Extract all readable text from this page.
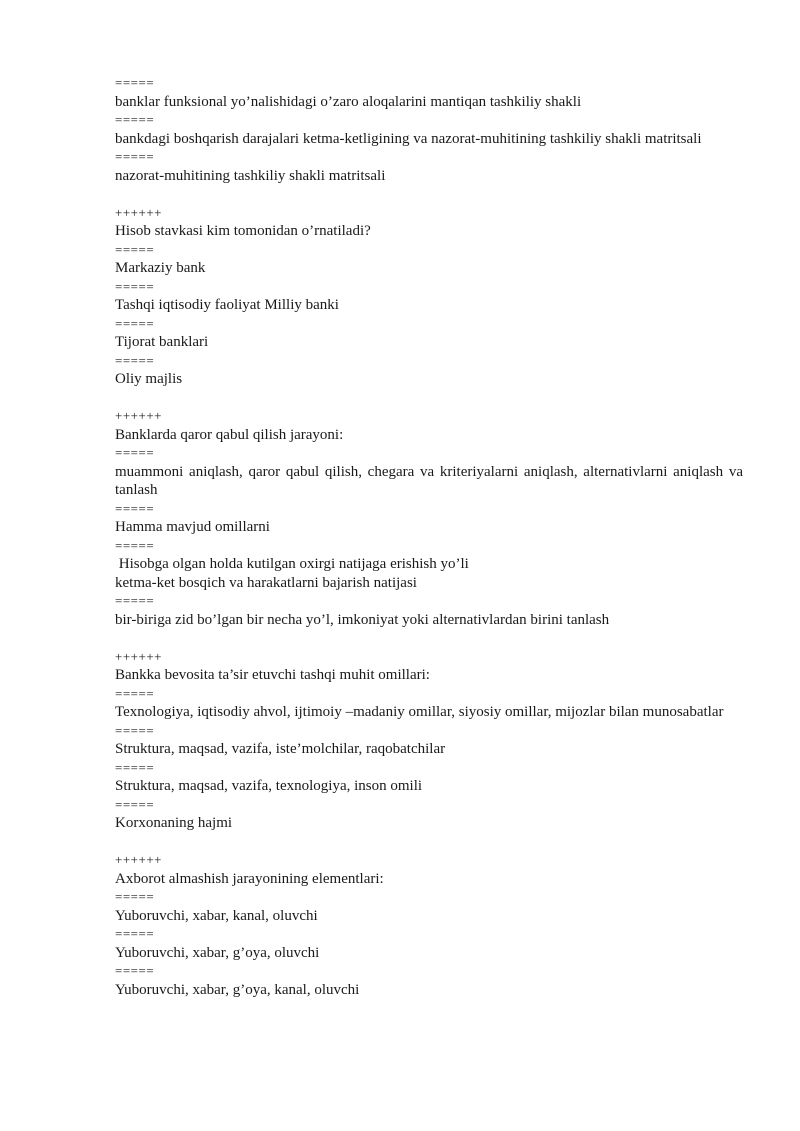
=====
banklar funksional yo’nalishidagi o’zaro aloqalarini mantiqan tashkiliy shakli
=====
bankdagi boshqarish darajalari ketma-ketligining va nazorat-muhitining tashkiliy shakli matritsali
=====
nazorat-muhitining tashkiliy shakli matritsali
++++++
Hisob stavkasi kim tomonidan o’rnatiladi?
=====
Markaziy bank
=====
Tashqi iqtisodiy faoliyat Milliy banki
=====
Tijorat banklari
=====
Oliy majlis
++++++
Banklarda qaror qabul qilish jarayoni:
=====
muammoni aniqlash, qaror qabul qilish, chegara va kriteriyalarni aniqlash, alternativlarni aniqlash va tanlash
=====
Hamma mavjud omillarni
=====
Hisobga olgan holda kutilgan oxirgi natijaga erishish yo’li
ketma-ket bosqich va harakatlarni bajarish natijasi
=====
bir-biriga zid bo’lgan bir necha yo’l, imkoniyat yoki alternativlardan birini tanlash
++++++
Bankka bevosita ta’sir etuvchi tashqi muhit omillari:
=====
Texnologiya, iqtisodiy ahvol, ijtimoiy –madaniy omillar, siyosiy omillar, mijozlar bilan munosabatlar
=====
Struktura, maqsad, vazifa, iste’molchilar, raqobatchilar
=====
Struktura, maqsad, vazifa, texnologiya, inson omili
=====
Korxonaning hajmi
++++++
Axborot almashish jarayonining elementlari:
=====
Yuboruvchi, xabar, kanal, oluvchi
=====
Yuboruvchi, xabar, g’oya, oluvchi
=====
Yuboruvchi, xabar, g’oya, kanal, oluvchi
